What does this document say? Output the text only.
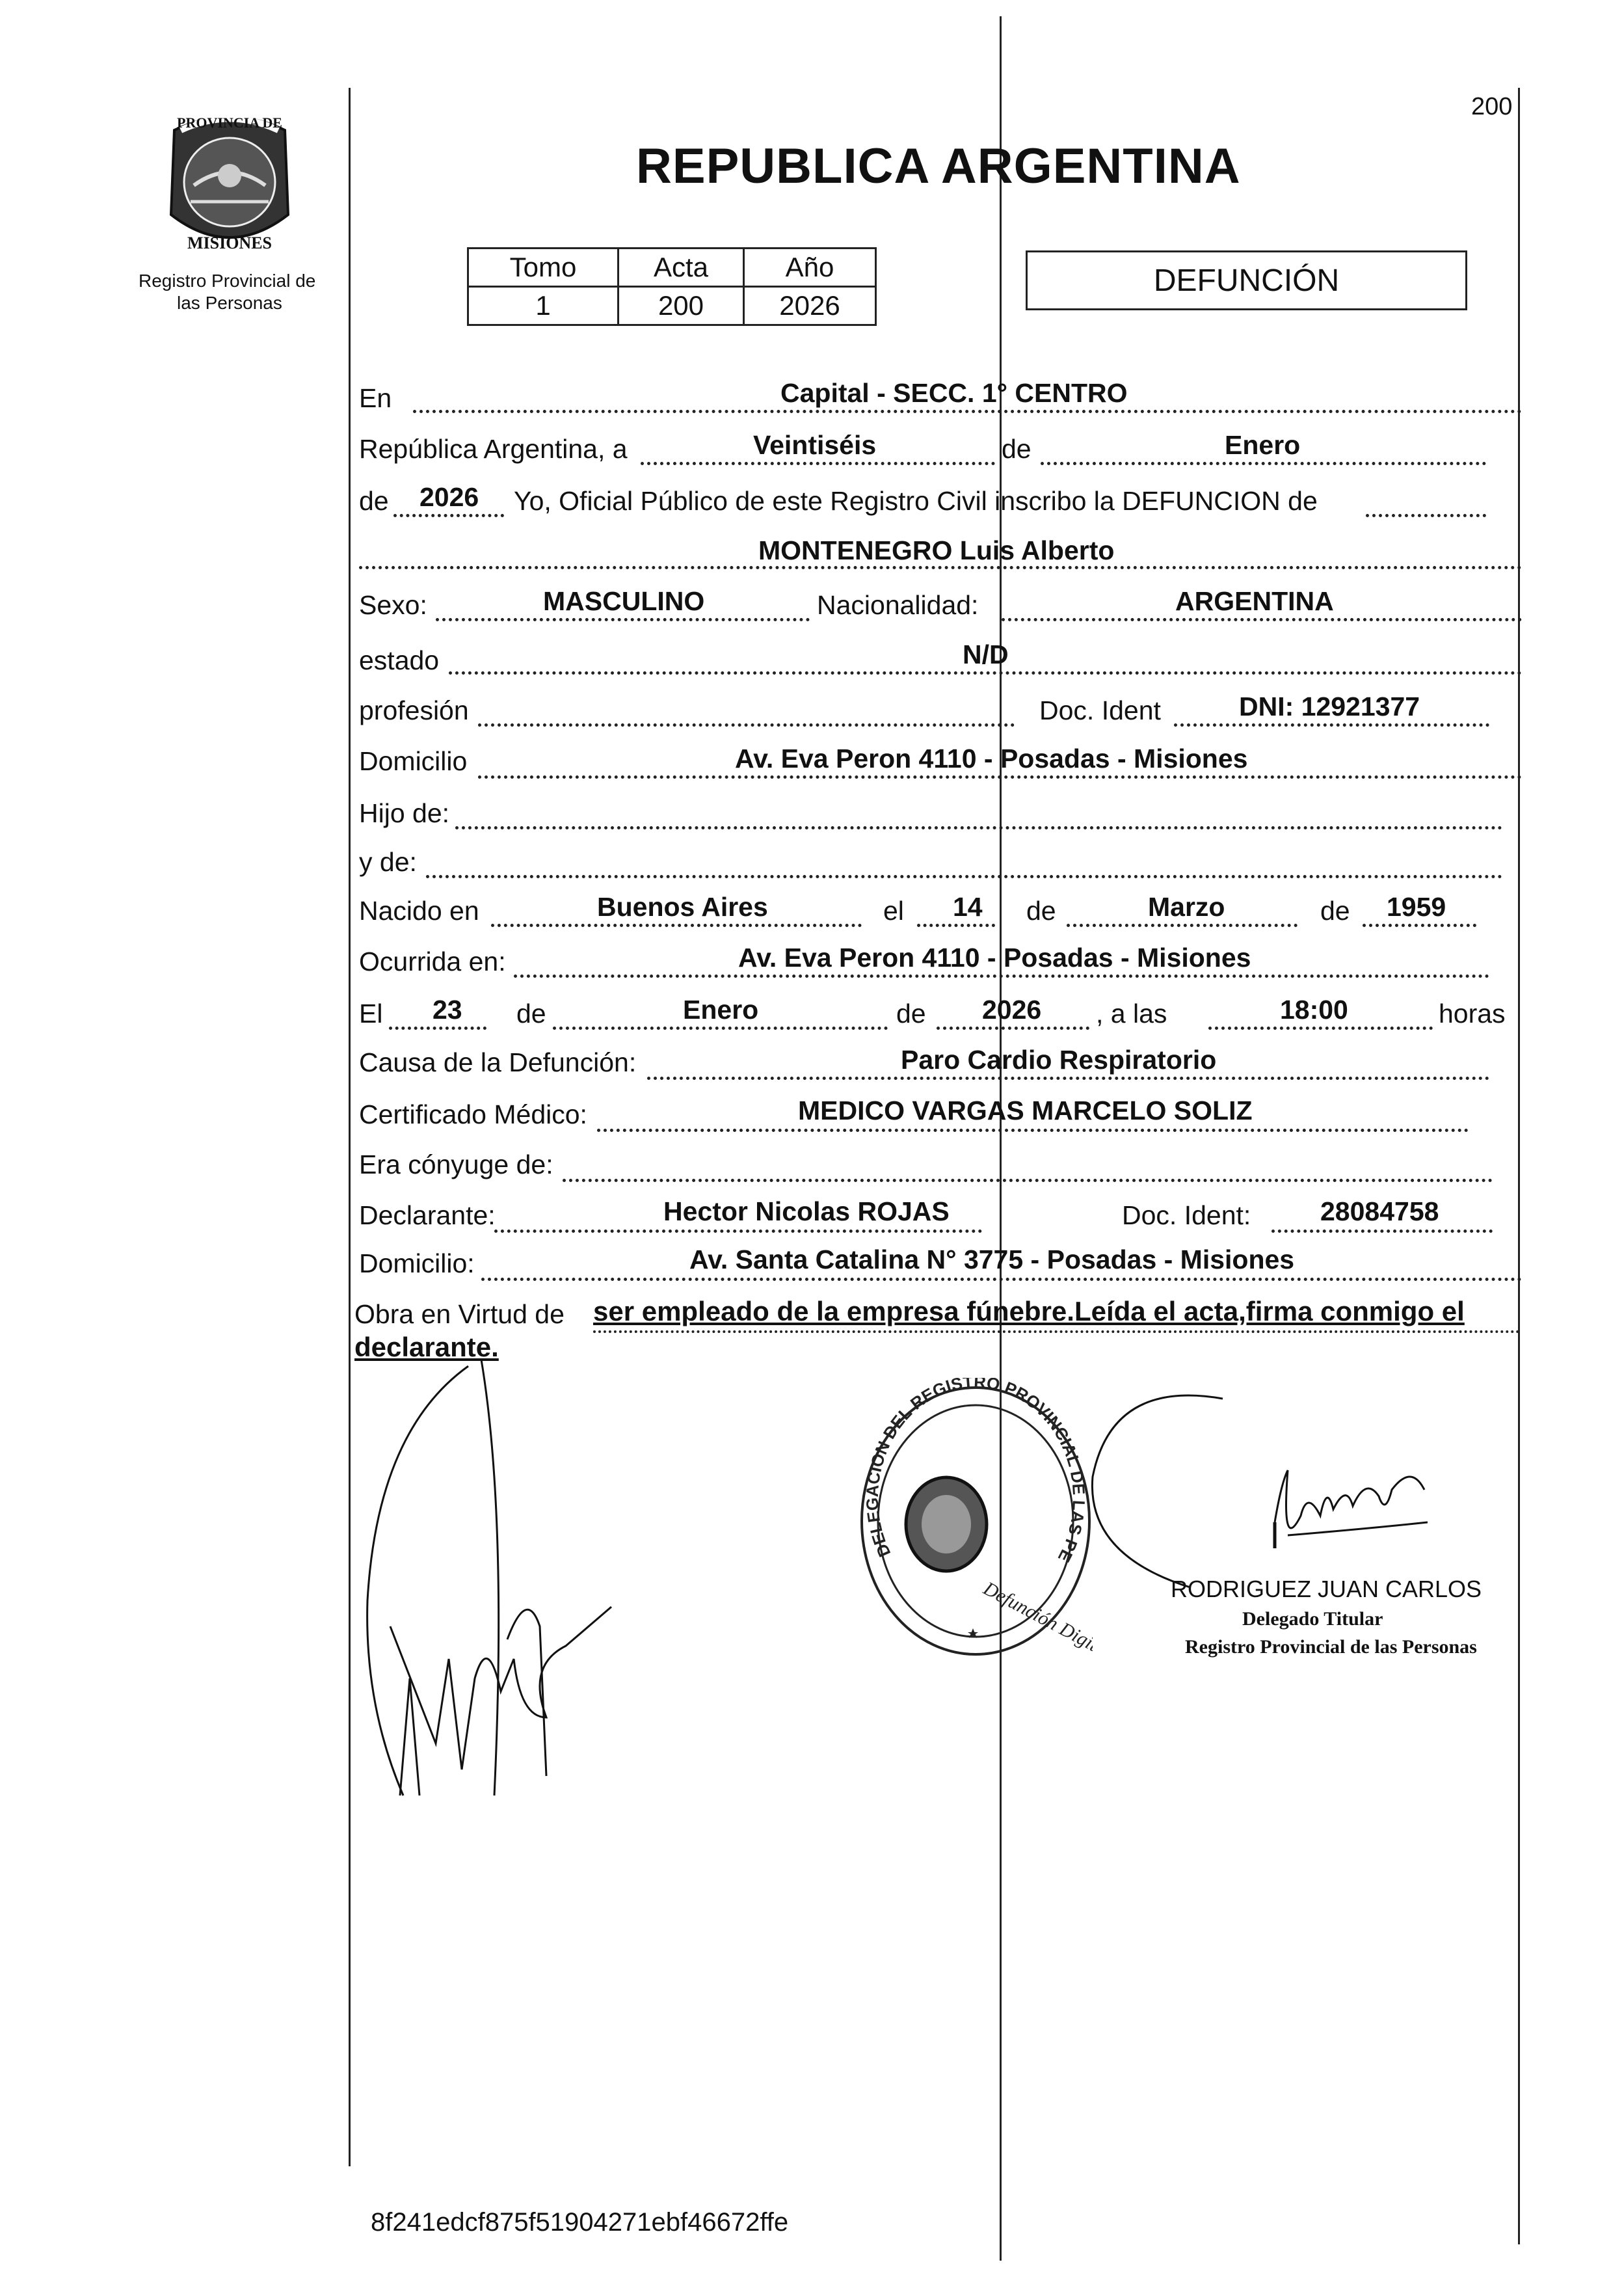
PROVINCIA DE
MISIONES
Registro Provincial de
las Personas
200
REPUBLICA ARGENTINA
Tomo	Acta	Año
1	200	2026
DEFUNCIÓN
En	Capital - SECC. 1° CENTRO
República Argentina, a	Veintiséis	de	Enero
de 2026 Yo, Oficial Público de este Registro Civil inscribo la DEFUNCION de
MONTENEGRO Luis Alberto
Sexo:	MASCULINO	Nacionalidad:	ARGENTINA
estado	N/D
profesión	Doc. Ident	DNI: 12921377
Domicilio	Av. Eva Peron 4110 - Posadas - Misiones
Hijo de:
y de:
Nacido en	Buenos Aires	el 14 de	Marzo	de 1959
Ocurrida en:	Av. Eva Peron 4110 - Posadas - Misiones
El 23 de	Enero	de 2026 , a las	18:00	horas
Causa de la Defunción:	Paro Cardio Respiratorio
Certificado Médico:	MEDICO VARGAS MARCELO SOLIZ
Era cónyuge de:
Declarante:	Hector Nicolas ROJAS	Doc. Ident:	28084758
Domicilio:	Av. Santa Catalina N° 3775 - Posadas - Misiones
Obra en Virtud de ser empleado de la empresa fúnebre.Leída el acta,firma conmigo el
declarante.
DELEGACION DEL REGISTRO PROVINCIAL DE LAS PE
Defunción Digital
RODRIGUEZ JUAN CARLOS
Delegado Titular
Registro Provincial de las Personas
8f241edcf875f51904271ebf46672ffe
